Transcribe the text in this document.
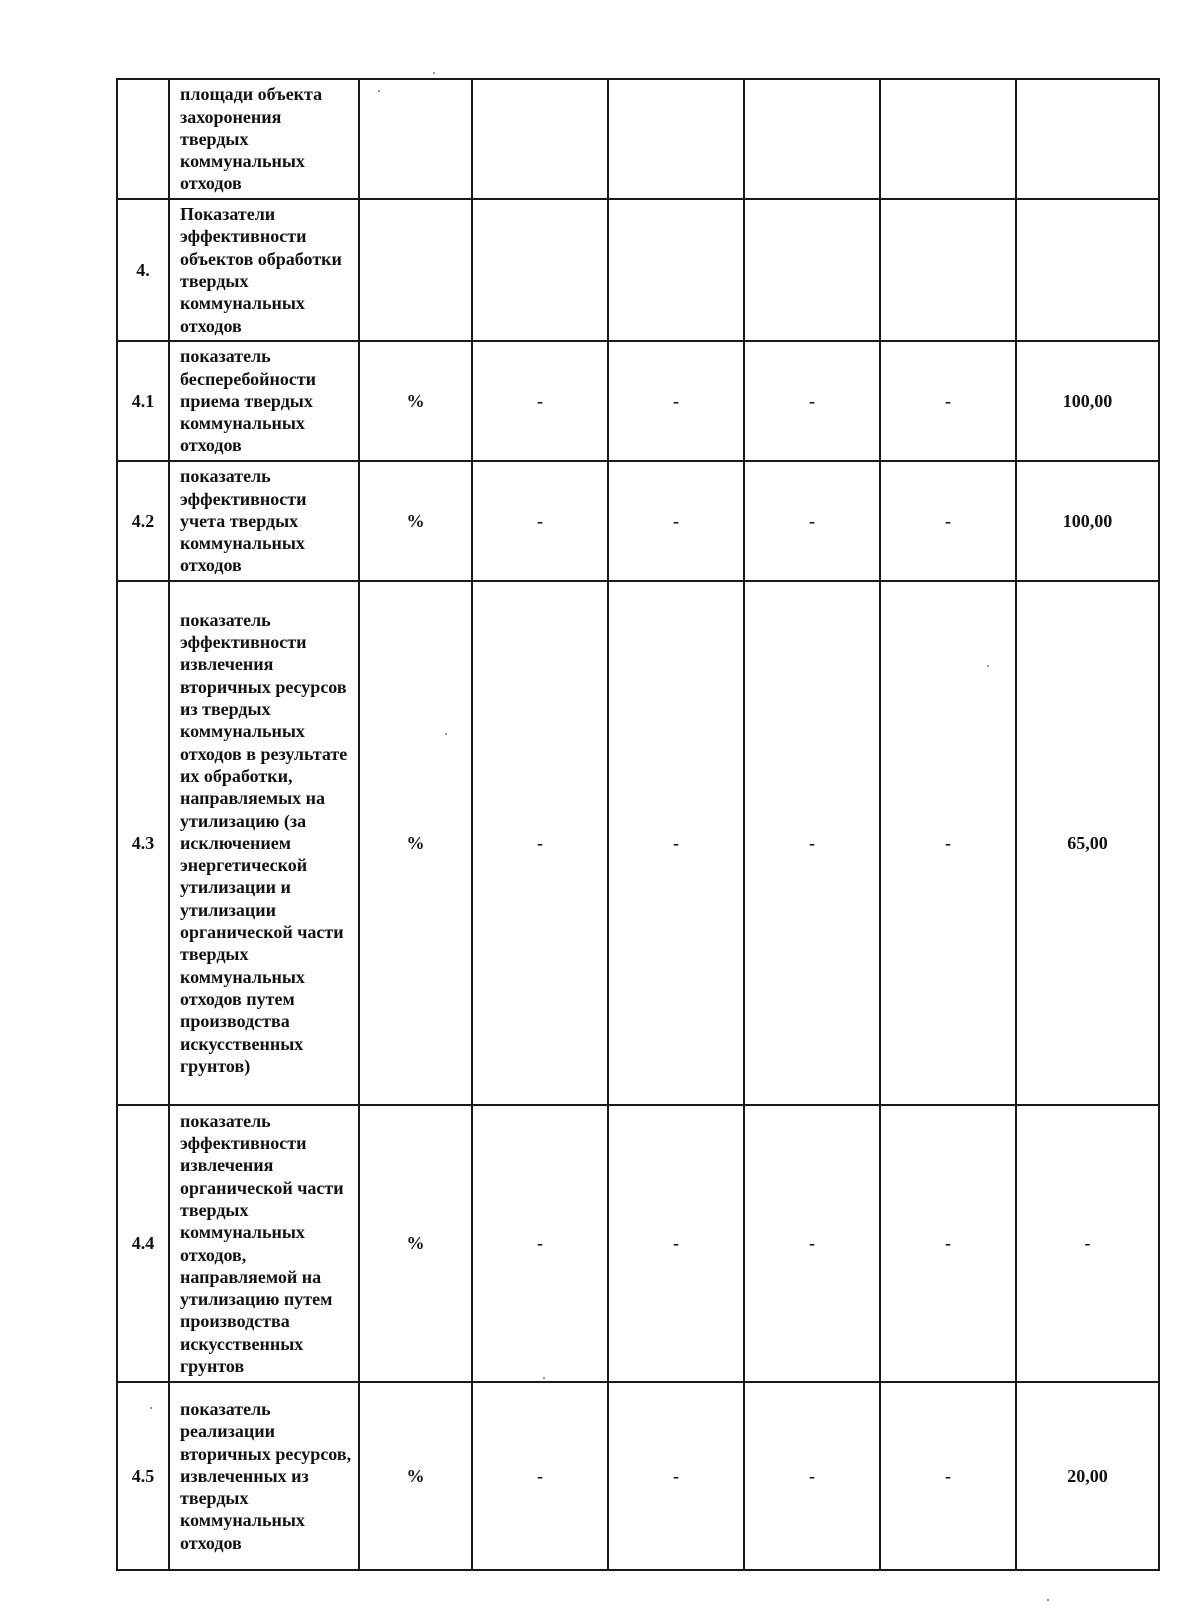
	площади объекта захоронения твердых коммунальных отходов						
4.	Показатели эффективности объектов обработки твердых коммунальных отходов						
4.1	показатель бесперебойности приема твердых коммунальных отходов	%	-	-	-	-	100,00
4.2	показатель эффективности учета твердых коммунальных отходов	%	-	-	-	-	100,00
4.3	показатель эффективности извлечения вторичных ресурсов из твердых коммунальных отходов в результате их обработки, направляемых на утилизацию (за исключением энергетической утилизации и утилизации органической части твердых коммунальных отходов путем производства искусственных грунтов)	%	-	-	-	-	65,00
4.4	показатель эффективности извлечения органической части твердых коммунальных отходов, направляемой на утилизацию путем производства искусственных грунтов	%	-	-	-	-	-
4.5	показатель реализации вторичных ресурсов, извлеченных из твердых коммунальных отходов	%	-	-	-	-	20,00
